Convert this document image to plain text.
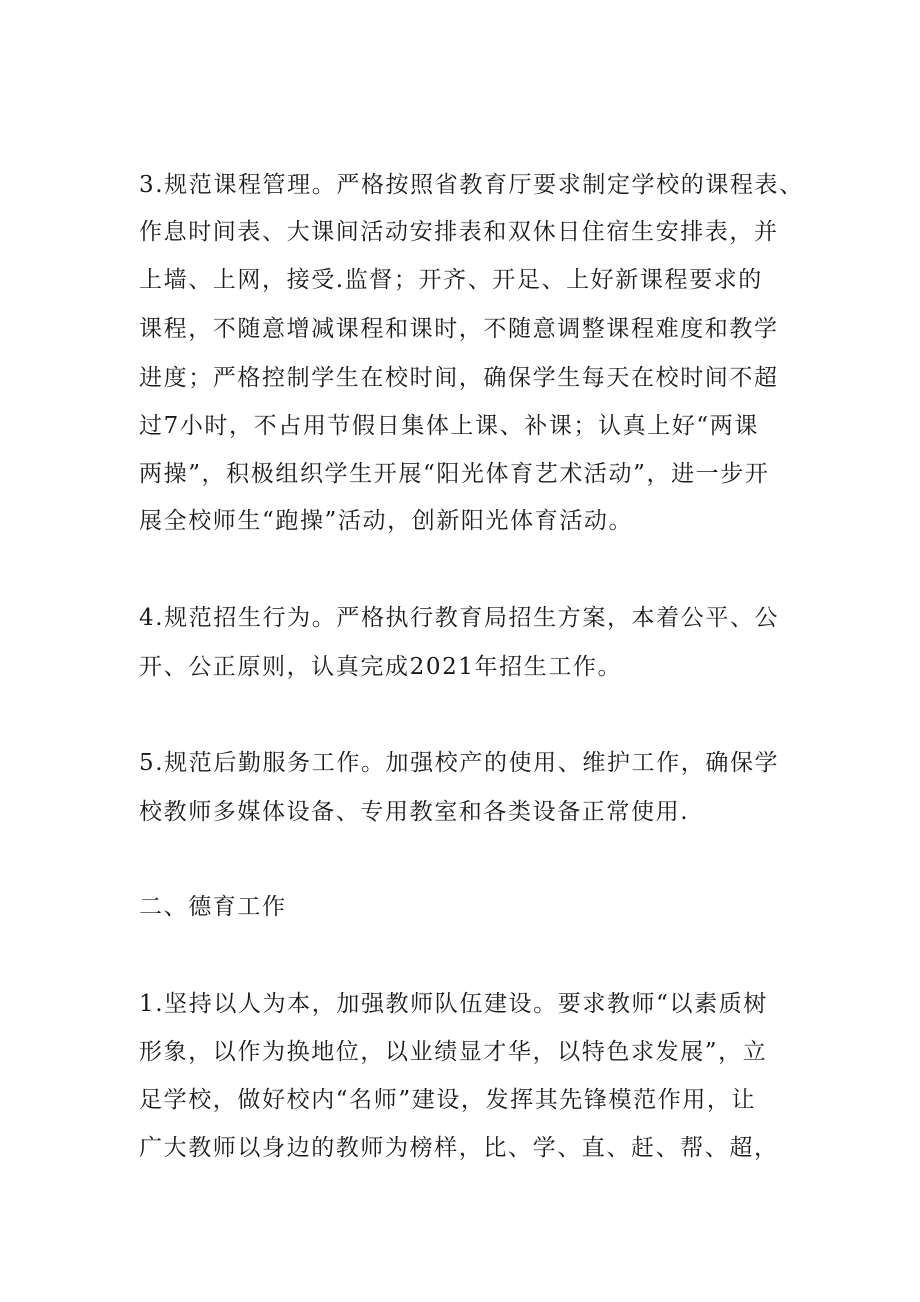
3.规范课程管理。严格按照省教育厅要求制定学校的课程表、
作息时间表、大课间活动安排表和双休日住宿生安排表，并
上墙、上网，接受.监督；开齐、开足、上好新课程要求的
课程，不随意增减课程和课时，不随意调整课程难度和教学
进度；严格控制学生在校时间，确保学生每天在校时间不超
过7小时，不占用节假日集体上课、补课；认真上好“两课
两操”，积极组织学生开展“阳光体育艺术活动”，进一步开
展全校师生“跑操”活动，创新阳光体育活动。
4.规范招生行为。严格执行教育局招生方案，本着公平、公
开、公正原则，认真完成2021年招生工作。
5.规范后勤服务工作。加强校产的使用、维护工作，确保学
校教师多媒体设备、专用教室和各类设备正常使用.
二、德育工作
1.坚持以人为本，加强教师队伍建设。要求教师“以素质树
形象，以作为换地位，以业绩显才华，以特色求发展”，立
足学校，做好校内“名师”建设，发挥其先锋模范作用，让
广大教师以身边的教师为榜样，比、学、直、赶、帮、超，
